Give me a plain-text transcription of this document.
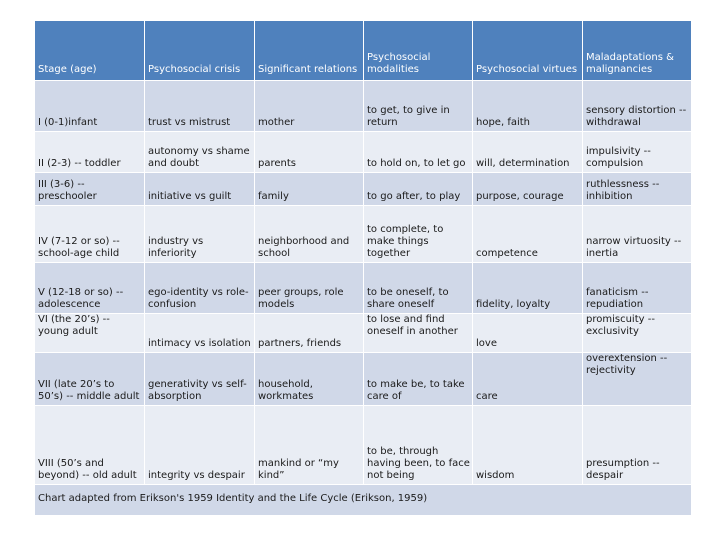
Stage (age)	Psychosocial crisis	Significant relations	Psychosocial modalities	Psychosocial virtues	Maladaptations & malignancies
I (0-1)infant	trust vs mistrust	mother	to get, to give in return	hope, faith	sensory distortion -- withdrawal
II (2-3) -- toddler	autonomy vs shame and doubt	parents	to hold on, to let go	will, determination	impulsivity -- compulsion
III (3-6) -- preschooler	initiative vs guilt	family	to go after, to play	purpose, courage	ruthlessness -- inhibition
IV (7-12 or so) -- school-age child	industry vs inferiority	neighborhood and school	to complete, to make things together	competence	narrow virtuosity -- inertia
V (12-18 or so) -- adolescence	ego-identity vs role-confusion	peer groups, role models	to be oneself, to share oneself	fidelity, loyalty	fanaticism -- repudiation
VI (the 20’s) -- young adult	intimacy vs isolation	partners, friends	to lose and find oneself in another	love	promiscuity -- exclusivity
VII (late 20’s to 50’s) -- middle adult	generativity vs self-absorption	household, workmates	to make be, to take care of	care	overextension -- rejectivity
VIII (50’s and beyond) -- old adult	integrity vs despair	mankind or “my kind”	to be, through having been, to face not being	wisdom	presumption -- despair
Chart adapted from Erikson's 1959 Identity and the Life Cycle (Erikson, 1959)					
